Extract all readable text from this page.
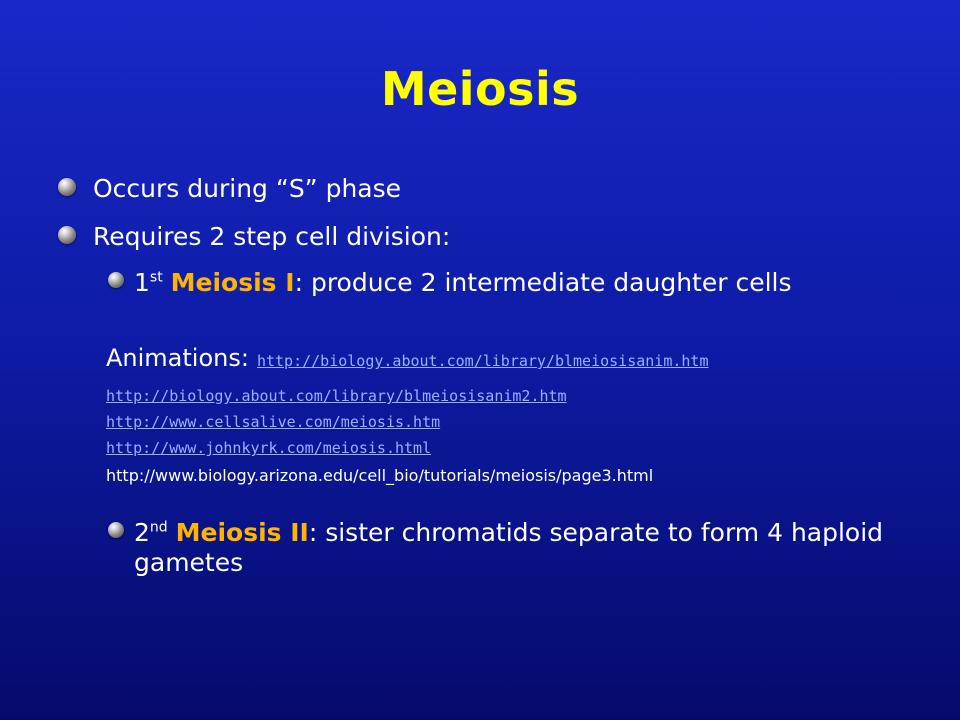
Meiosis
Occurs during “S” phase
Requires 2 step cell division:
1st Meiosis I: produce 2 intermediate daughter cells
Animations: http://biology.about.com/library/blmeiosisanim.htm
http://biology.about.com/library/blmeiosisanim2.htm
http://www.cellsalive.com/meiosis.htm
http://www.johnkyrk.com/meiosis.html
http://www.biology.arizona.edu/cell_bio/tutorials/meiosis/page3.html
2nd Meiosis II: sister chromatids separate to form 4 haploid gametes
